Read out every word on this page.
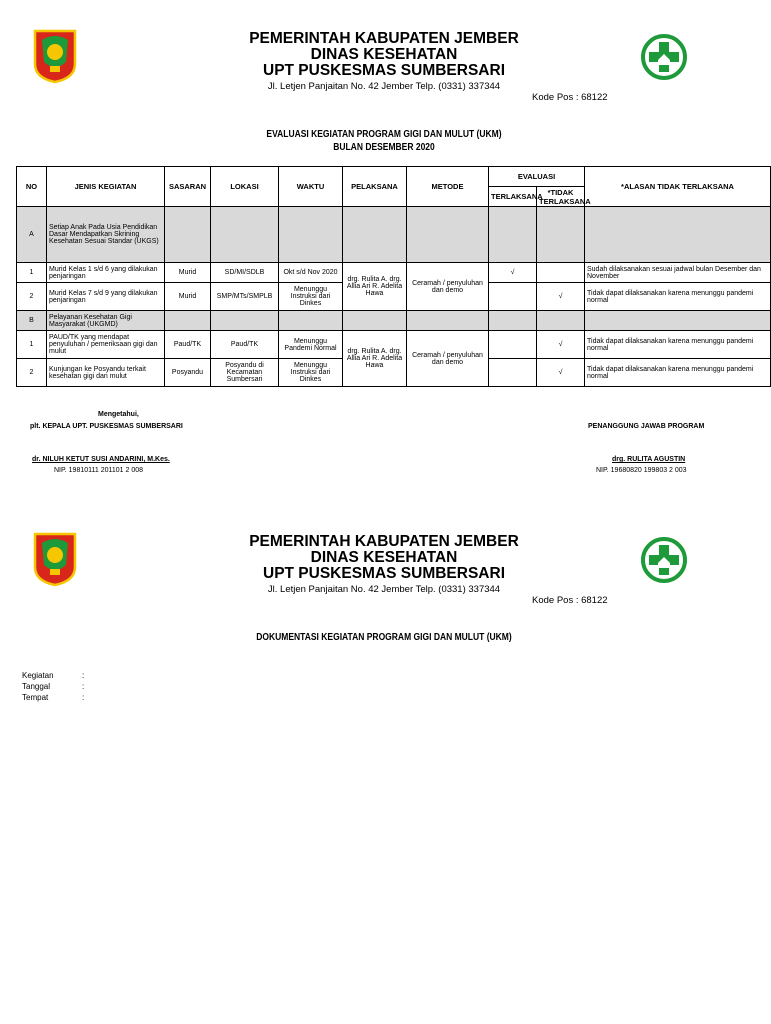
PEMERINTAH KABUPATEN JEMBER
DINAS KESEHATAN
UPT PUSKESMAS SUMBERSARI
Jl. Letjen Panjaitan No. 42 Jember Telp. (0331) 337344
Kode Pos : 68122
EVALUASI KEGIATAN PROGRAM GIGI DAN MULUT (UKM)
BULAN DESEMBER 2020
NO	JENIS KEGIATAN	SASARAN	LOKASI	WAKTU	PELAKSANA	METODE	EVALUASI		*ALASAN TIDAK TERLAKSANA
							TERLAKSANA	*TIDAK TERLAKSANA	
A	Setiap Anak Pada Usia Pendidikan Dasar Mendapatkan Skrining Kesehatan Sesuai Standar (UKGS)								
1	Murid Kelas 1 s/d 6 yang dilakukan penjaringan	Murid	SD/MI/SDLB	Okt s/d Nov 2020	drg. Rulita A. drg. Allia Ari R. Adelita Hawa	Ceramah / penyuluhan dan demo	√		Sudah dilaksanakan sesuai jadwal bulan Desember dan November
2	Murid Kelas 7 s/d 9 yang dilakukan penjaringan	Murid	SMP/MTs/SMPLB	Menunggu Instruksi dari Dinkes				√	Tidak dapat dilaksanakan karena menunggu pandemi normal
B	Pelayanan Kesehatan Gigi Masyarakat (UKGMD)								
1	PAUD/TK yang mendapat penyuluhan / pemeriksaan gigi dan mulut	Paud/TK	Paud/TK	Menunggu Pandemi Normal	drg. Rulita A. drg. Allia Ari R. Adelita Hawa	Ceramah / penyuluhan dan demo		√	Tidak dapat dilaksanakan karena menunggu pandemi normal
2	Kunjungan ke Posyandu terkait kesehatan gigi dan mulut	Posyandu	Posyandu di Kecamatan Sumbersari	Menunggu Instruksi dari Dinkes				√	Tidak dapat dilaksanakan karena menunggu pandemi normal
Mengetahui,
plt. KEPALA UPT. PUSKESMAS SUMBERSARI
dr. NILUH KETUT SUSI ANDARINI, M.Kes.
NIP. 19810111 201101 2 008
PENANGGUNG JAWAB PROGRAM
drg. RULITA AGUSTIN
NIP. 19680820 199803 2 003
PEMERINTAH KABUPATEN JEMBER
DINAS KESEHATAN
UPT PUSKESMAS SUMBERSARI
Jl. Letjen Panjaitan No. 42 Jember Telp. (0331) 337344
Kode Pos : 68122
DOKUMENTASI KEGIATAN PROGRAM GIGI DAN MULUT (UKM)
Kegiatan	:
Tanggal	:
Tempat	:
